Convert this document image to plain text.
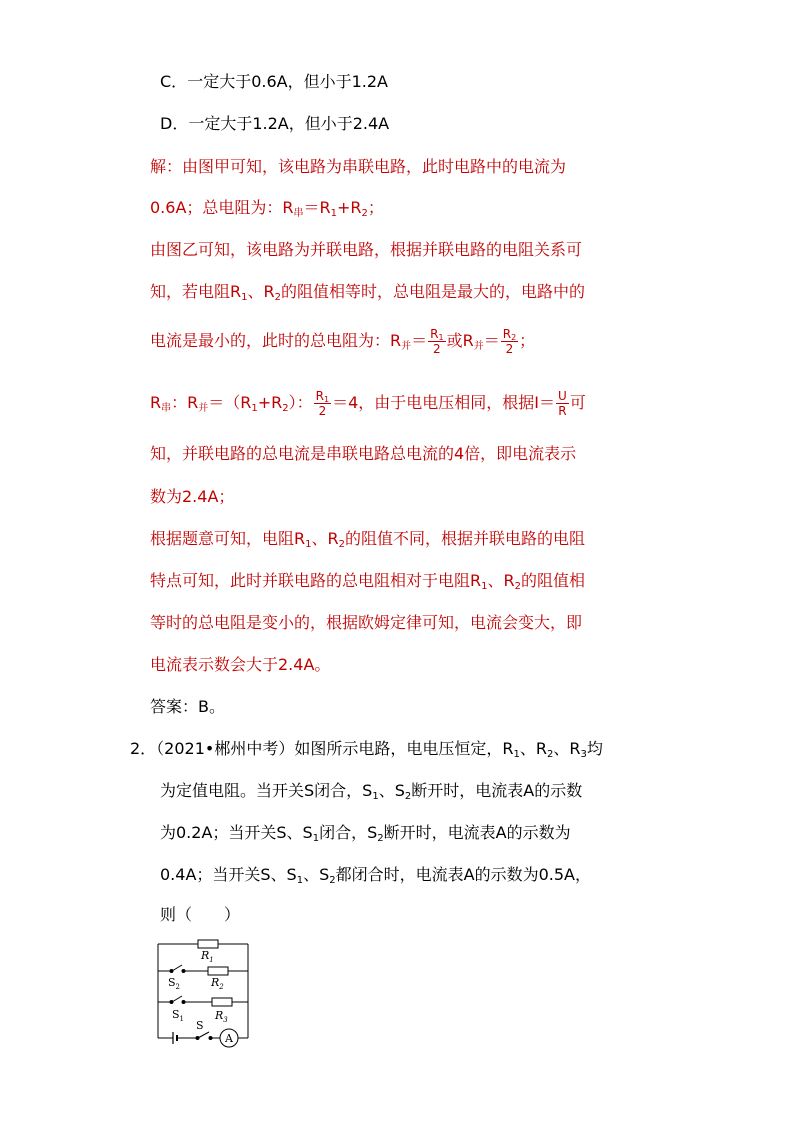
C．一定大于0.6A，但小于1.2A
D．一定大于1.2A，但小于2.4A
解：由图甲可知，该电路为串联电路，此时电路中的电流为
0.6A；总电阻为：$R_串=R_1+R_2$；
由图乙可知，该电路为并联电路，根据并联电路的电阻关系可
知，若电阻$R_1$、$R_2$的阻值相等时，总电阻是最大的，电路中的
电流是最小的，此时的总电阻为：$R_并= \frac{R_1}{2}$ 或$R_并= \frac{R_2}{2}$ ；
$R_串$：$R_并=(R_1+R_2)$： $\frac{R_1}{2} =4$，由于电电压相同，根据$I= \frac{U}{R}$ 可
知，并联电路的总电流是串联电路总电流的4倍，即电流表示
数为2.4A；
根据题意可知，电阻$R_1$、$R_2$的阻值不同，根据并联电路的电阻
特点可知，此时并联电路的总电阻相对于电阻$R_1$、$R_2$的阻值相
等时的总电阻是变小的，根据欧姆定律可知，电流会变大，即
电流表示数会大于2.4A。
答案：B。
2．（2021•郴州中考）如图所示电路，电电压恒定，$R_1$、$R_2$、$R_3$均
为定值电阻。当开关S闭合，$S_1$、$S_2$断开时，电流表A的示数
为0.2A；当开关S、$S_1$闭合，$S_2$断开时，电流表A的示数为
0.4A；当开关S、$S_1$、$S_2$都闭合时，电流表A的示数为0.5A，
则（　　）
$R_1$
$R_2$
$R_3$
$S_2$
$S_1$ S
A
